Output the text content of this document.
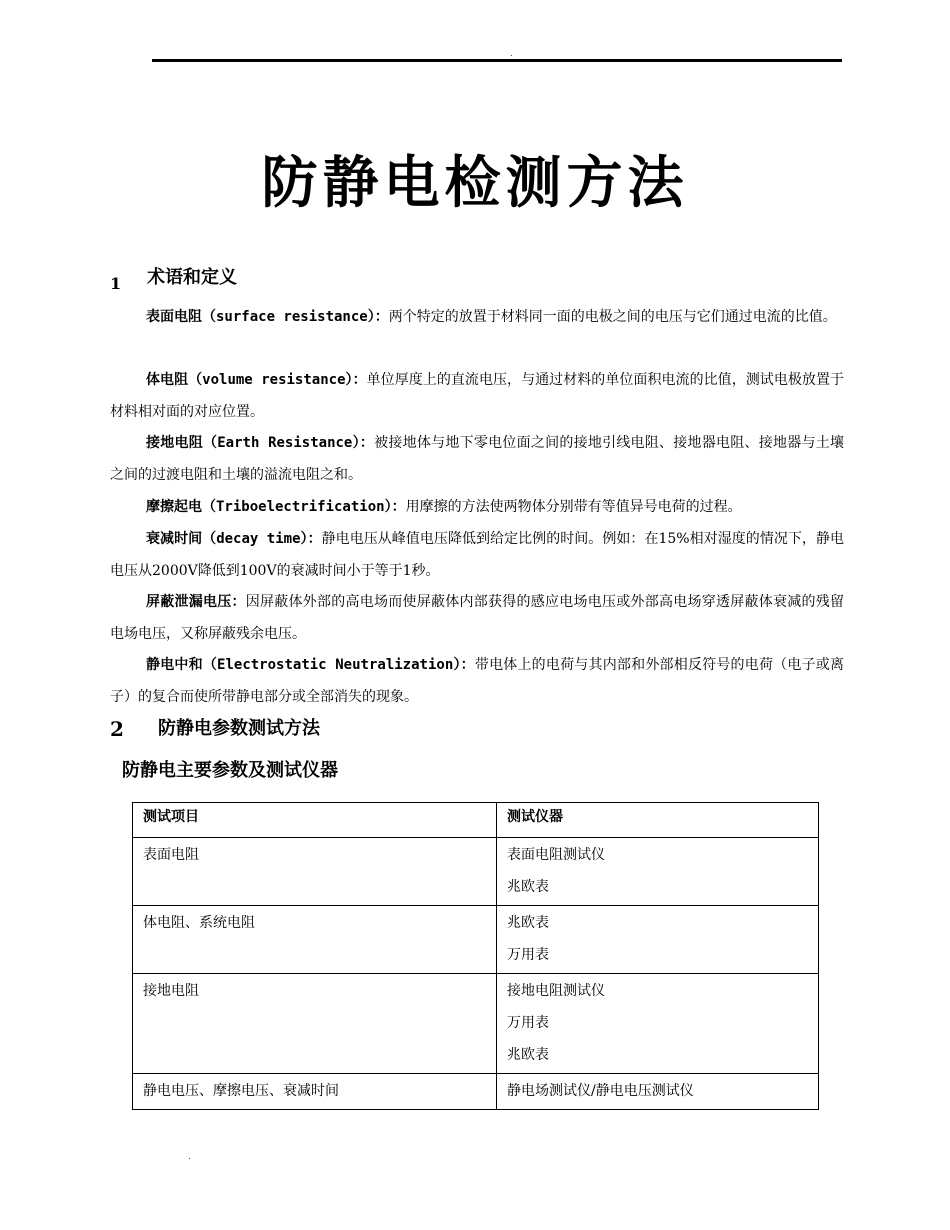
.
防静电检测方法
1 术语和定义

表面电阻（surface resistance）：两个特定的放置于材料同一面的电极之间的电压与它们通过电流的比值。

体电阻（volume resistance）：单位厚度上的直流电压，与通过材料的单位面积电流的比值，测试电极放置于材料相对面的对应位置。

接地电阻（Earth Resistance）：被接地体与地下零电位面之间的接地引线电阻、接地器电阻、接地器与土壤之间的过渡电阻和土壤的溢流电阻之和。

摩擦起电（Triboelectrification）：用摩擦的方法使两物体分别带有等值异号电荷的过程。

衰减时间（decay time）：静电电压从峰值电压降低到给定比例的时间。例如：在15%相对湿度的情况下，静电电压从2000V降低到100V的衰减时间小于等于1秒。

屏蔽泄漏电压：因屏蔽体外部的高电场而使屏蔽体内部获得的感应电场电压或外部高电场穿透屏蔽体衰减的残留电场电压，又称屏蔽残余电压。

静电中和（Electrostatic Neutralization）：带电体上的电荷与其内部和外部相反符号的电荷（电子或离子）的复合而使所带静电部分或全部消失的现象。

2 防静电参数测试方法
防静电主要参数及测试仪器
测试项目	测试仪器

表面电阻	表面电阻测试仪
兆欧表

体电阻、系统电阻	兆欧表
万用表

接地电阻	接地电阻测试仪
万用表
兆欧表

静电电压、摩擦电压、衰减时间	静电场测试仪/静电电压测试仪
.
